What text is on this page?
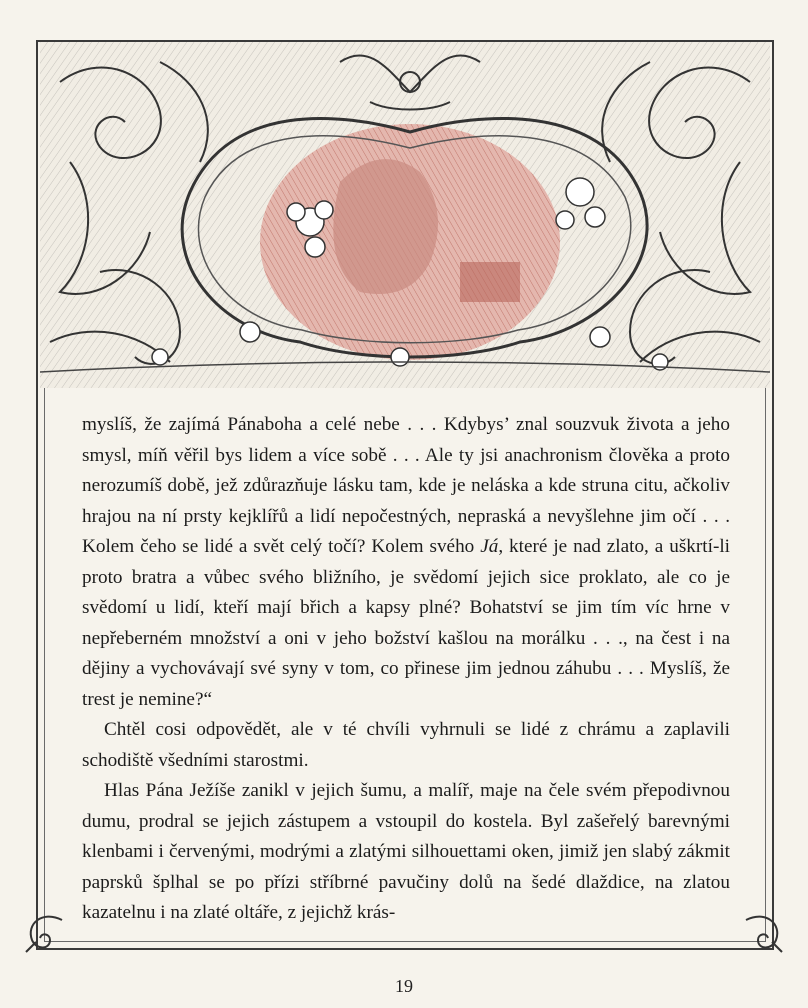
myslíš, že zajímá Pánaboha a celé nebe . . . Kdybys’ znal souzvuk života a jeho smysl, míň věřil bys lidem a více sobě . . . Ale ty jsi anachronism člověka a proto nerozumíš době, jež zdůrazňuje lásku tam, kde je neláska a kde struna citu, ačkoliv hrajou na ní prsty kejklířů a lidí nepočestných, nepraská a nevyšlehne jim očí . . . Kolem čeho se lidé a svět celý točí? Kolem svého Já, které je nad zlato, a uškrtí-li proto bratra a vůbec svého bližního, je svědomí jejich sice proklato, ale co je svědomí u lidí, kteří mají břich a kapsy plné? Bohatství se jim tím víc hrne v nepřeberném množství a oni v jeho božství kašlou na morálku . . ., na čest i na dějiny a vychovávají své syny v tom, co přinese jim jednou záhubu . . . Myslíš, že trest je nemine?“

Chtěl cosi odpovědět, ale v té chvíli vyhrnuli se lidé z chrámu a zaplavili schodiště všedními starostmi.

Hlas Pána Ježíše zanikl v jejich šumu, a malíř, maje na čele svém přepodivnou dumu, prodral se jejich zástupem a vstoupil do kostela. Byl zašeřelý barevnými klenbami i červenými, modrými a zlatými silhouettami oken, jimiž jen slabý zákmit paprsků šplhal se po přízi stříbrné pavučiny dolů na šedé dlaždice, na zlatou kazatelnu i na zlaté oltáře, z jejichž krás-

19
